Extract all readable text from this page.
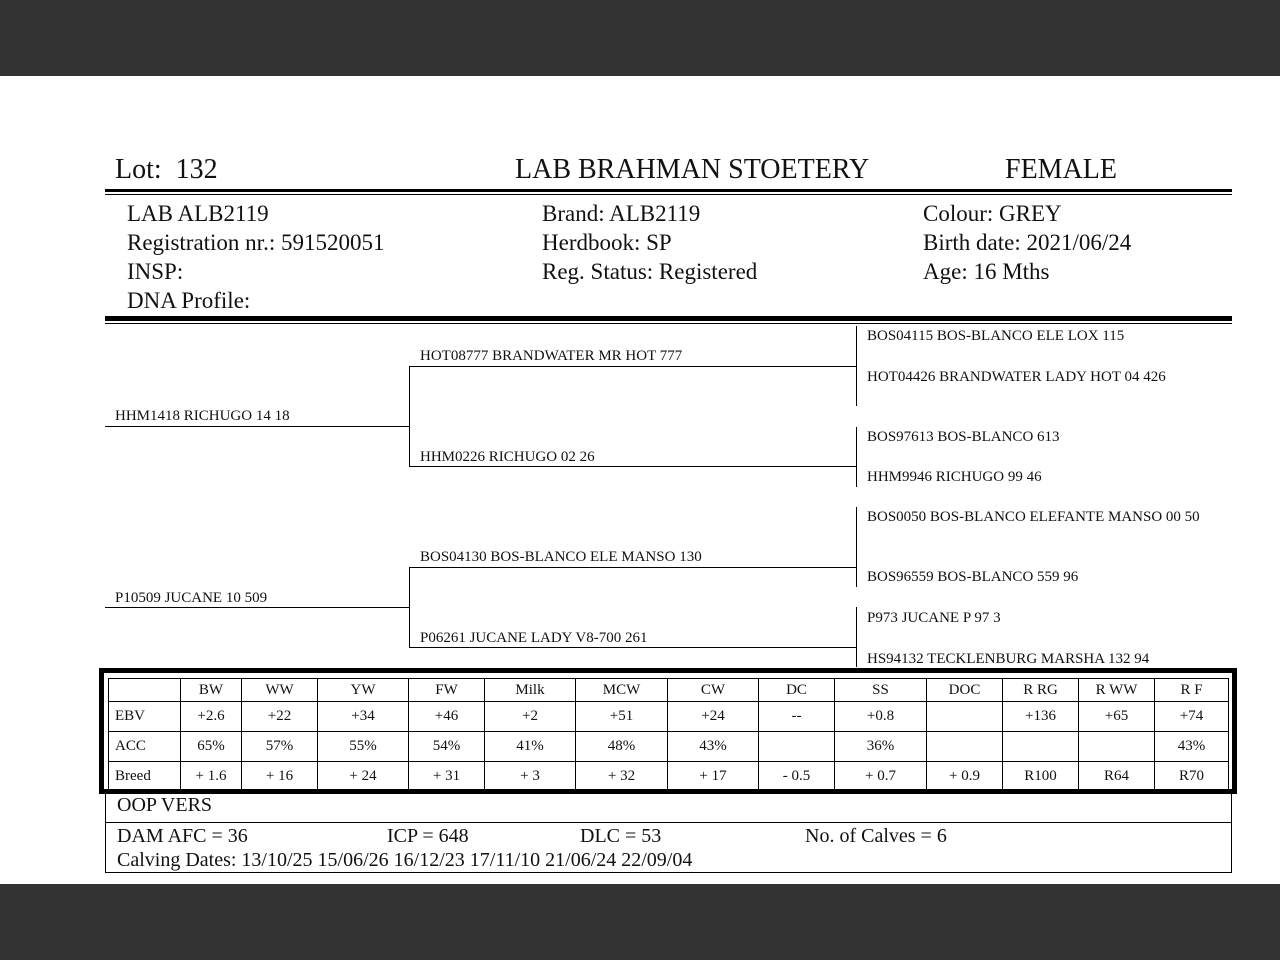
Lot: 132	LAB BRAHMAN STOETERY	FEMALE
LAB ALB2119
Registration nr.: 591520051
INSP:
DNA Profile:
Brand: ALB2119
Herdbook: SP
Reg. Status: Registered
Colour: GREY
Birth date: 2021/06/24
Age: 16 Mths
HHM1418 RICHUGO 14 18
P10509 JUCANE 10 509
HOT08777 BRANDWATER MR HOT 777
HHM0226 RICHUGO 02 26
BOS04130 BOS-BLANCO ELE MANSO 130
P06261 JUCANE LADY V8-700 261
BOS04115 BOS-BLANCO ELE LOX 115
HOT04426 BRANDWATER LADY HOT 04 426
BOS97613 BOS-BLANCO 613
HHM9946 RICHUGO 99 46
BOS0050 BOS-BLANCO ELEFANTE MANSO 00 50
BOS96559 BOS-BLANCO 559 96
P973 JUCANE P 97 3
HS94132 TECKLENBURG MARSHA 132 94
	BW	WW	YW	FW	Milk	MCW	CW	DC	SS	DOC	R RG	R WW	R F
EBV	+2.6	+22	+34	+46	+2	+51	+24	--	+0.8		+136	+65	+74
ACC	65%	57%	55%	54%	41%	48%	43%		36%				43%
Breed	+ 1.6	+ 16	+ 24	+ 31	+ 3	+ 32	+ 17	- 0.5	+ 0.7	+ 0.9	R100	R64	R70
OOP VERS
DAM AFC = 36	ICP = 648	DLC = 53	No. of Calves = 6
Calving Dates: 13/10/25 15/06/26 16/12/23 17/11/10 21/06/24 22/09/04
